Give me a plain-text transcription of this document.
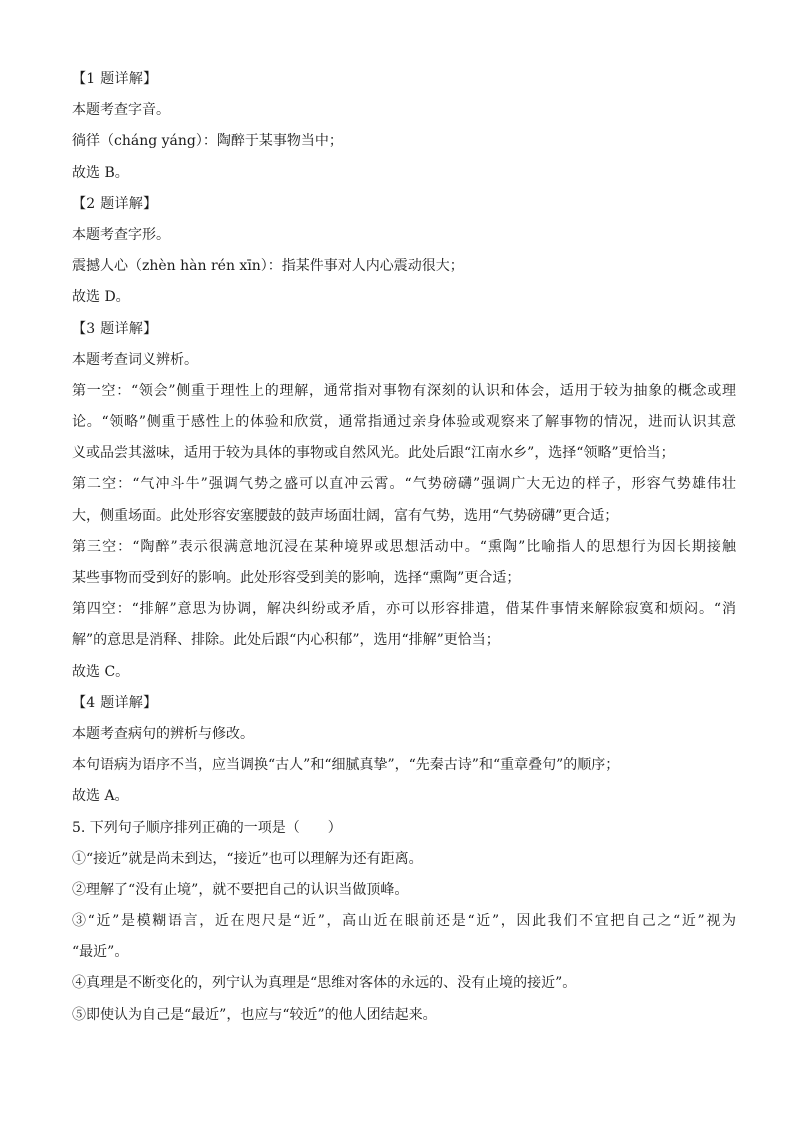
【1 题详解】
本题考查字音。
徜徉（cháng yáng）：陶醉于某事物当中；
故选 B。
【2 题详解】
本题考查字形。
震撼人心（zhèn hàn rén xīn）：指某件事对人内心震动很大；
故选 D。
【3 题详解】
本题考查词义辨析。
第一空：“领会”侧重于理性上的理解，通常指对事物有深刻的认识和体会，适用于较为抽象的概念或理
论。“领略”侧重于感性上的体验和欣赏，通常指通过亲身体验或观察来了解事物的情况，进而认识其意
义或品尝其滋味，适用于较为具体的事物或自然风光。此处后跟“江南水乡”，选择“领略”更恰当；
第二空：“气冲斗牛”强调气势之盛可以直冲云霄。“气势磅礴”强调广大无边的样子，形容气势雄伟壮
大，侧重场面。此处形容安塞腰鼓的鼓声场面壮阔，富有气势，选用“气势磅礴”更合适；
第三空：“陶醉”表示很满意地沉浸在某种境界或思想活动中。“熏陶”比喻指人的思想行为因长期接触
某些事物而受到好的影响。此处形容受到美的影响，选择“熏陶”更合适；
第四空：“排解”意思为协调，解决纠纷或矛盾，亦可以形容排遣，借某件事情来解除寂寞和烦闷。“消
解”的意思是消释、排除。此处后跟“内心积郁”，选用“排解”更恰当；
故选 C。
【4 题详解】
本题考查病句的辨析与修改。
本句语病为语序不当，应当调换“古人”和“细腻真挚”，“先秦古诗”和“重章叠句”的顺序；
故选 A。
5. 下列句子顺序排列正确的一项是（　　）
①“接近”就是尚未到达，“接近”也可以理解为还有距离。
②理解了“没有止境”，就不要把自己的认识当做顶峰。
③“近”是模糊语言，近在咫尺是“近”，高山近在眼前还是“近”，因此我们不宜把自己之“近”视为
“最近”。
④真理是不断变化的，列宁认为真理是“思维对客体的永远的、没有止境的接近”。
⑤即使认为自己是“最近”，也应与“较近”的他人团结起来。
